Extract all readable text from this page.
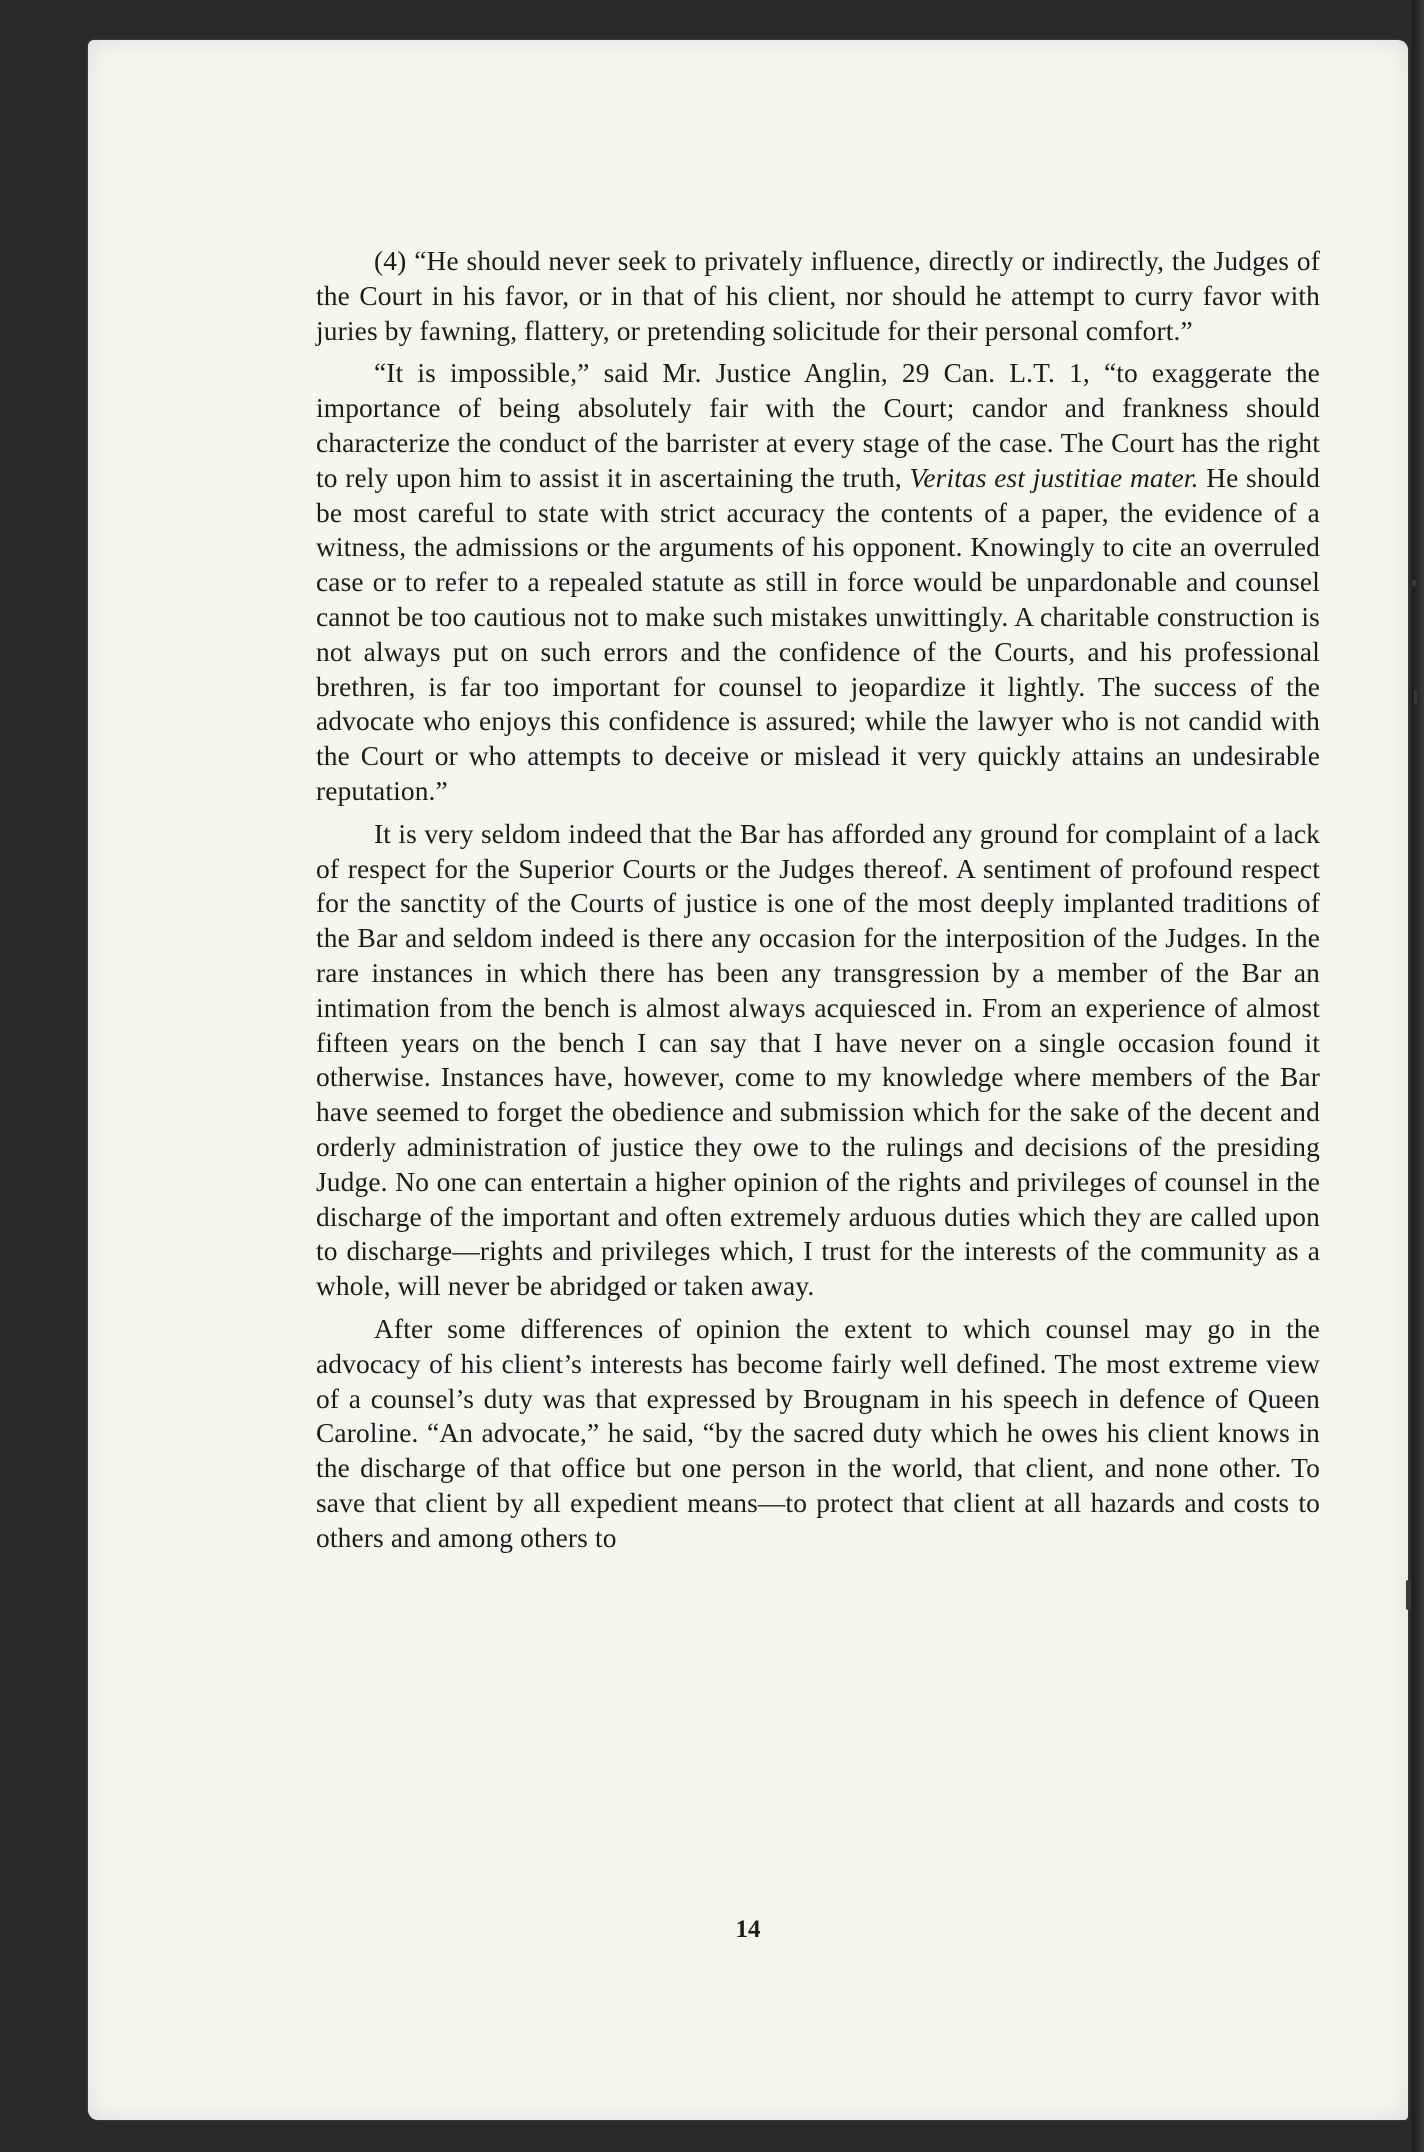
(4) “He should never seek to privately influence, directly or indirectly, the Judges of the Court in his favor, or in that of his client, nor should he attempt to curry favor with juries by fawning, flattery, or pretending solicitude for their personal comfort.”

“It is impossible,” said Mr. Justice Anglin, 29 Can. L.T. 1, “to exaggerate the importance of being absolutely fair with the Court; candor and frankness should characterize the conduct of the barrister at every stage of the case. The Court has the right to rely upon him to assist it in ascertaining the truth, Veritas est justitiae mater. He should be most careful to state with strict accuracy the contents of a paper, the evidence of a witness, the admissions or the arguments of his opponent. Knowingly to cite an overruled case or to refer to a repealed statute as still in force would be unpardonable and counsel cannot be too cautious not to make such mistakes unwittingly. A charitable construction is not always put on such errors and the confidence of the Courts, and his professional brethren, is far too important for counsel to jeopardize it lightly. The success of the advocate who enjoys this confidence is assured; while the lawyer who is not candid with the Court or who attempts to deceive or mislead it very quickly attains an undesirable reputation.”

It is very seldom indeed that the Bar has afforded any ground for complaint of a lack of respect for the Superior Courts or the Judges thereof. A sentiment of profound respect for the sanctity of the Courts of justice is one of the most deeply implanted traditions of the Bar and seldom indeed is there any occasion for the interposition of the Judges. In the rare instances in which there has been any transgression by a member of the Bar an intimation from the bench is almost always acquiesced in. From an experience of almost fifteen years on the bench I can say that I have never on a single occasion found it otherwise. Instances have, however, come to my knowledge where members of the Bar have seemed to forget the obedience and submission which for the sake of the decent and orderly administration of justice they owe to the rulings and decisions of the presiding Judge. No one can entertain a higher opinion of the rights and privileges of counsel in the discharge of the important and often extremely arduous duties which they are called upon to discharge—rights and privileges which, I trust for the interests of the community as a whole, will never be abridged or taken away.

After some differences of opinion the extent to which counsel may go in the advocacy of his client’s interests has become fairly well defined. The most extreme view of a counsel’s duty was that expressed by Brougnam in his speech in defence of Queen Caroline. “An advocate,” he said, “by the sacred duty which he owes his client knows in the discharge of that office but one person in the world, that client, and none other. To save that client by all expedient means—to protect that client at all hazards and costs to others and among others to

14
